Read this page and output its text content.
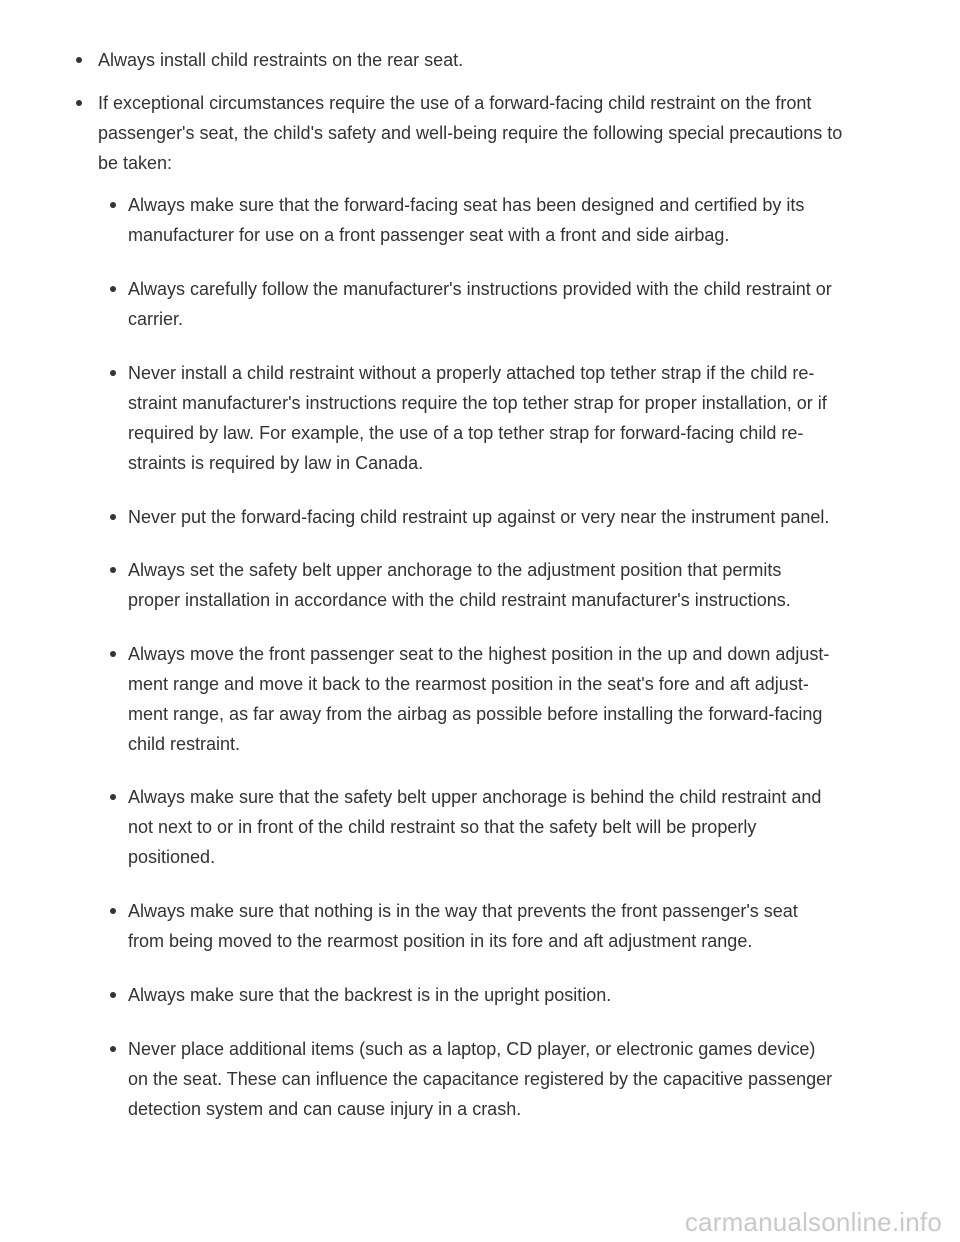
Always install child restraints on the rear seat.
If exceptional circumstances require the use of a forward-facing child restraint on the front
passenger's seat, the child's safety and well-being require the following special precautions to
be taken:
Always make sure that the forward-facing seat has been designed and certified by its
manufacturer for use on a front passenger seat with a front and side airbag.
Always carefully follow the manufacturer's instructions provided with the child restraint or
carrier.
Never install a child restraint without a properly attached top tether strap if the child re-
straint manufacturer's instructions require the top tether strap for proper installation, or if
required by law. For example, the use of a top tether strap for forward-facing child re-
straints is required by law in Canada.
Never put the forward-facing child restraint up against or very near the instrument panel.
Always set the safety belt upper anchorage to the adjustment position that permits
proper installation in accordance with the child restraint manufacturer's instructions.
Always move the front passenger seat to the highest position in the up and down adjust-
ment range and move it back to the rearmost position in the seat's fore and aft adjust-
ment range, as far away from the airbag as possible before installing the forward-facing
child restraint.
Always make sure that the safety belt upper anchorage is behind the child restraint and
not next to or in front of the child restraint so that the safety belt will be properly
positioned.
Always make sure that nothing is in the way that prevents the front passenger's seat
from being moved to the rearmost position in its fore and aft adjustment range.
Always make sure that the backrest is in the upright position.
Never place additional items (such as a laptop, CD player, or electronic games device)
on the seat. These can influence the capacitance registered by the capacitive passenger
detection system and can cause injury in a crash.
carmanualsonline.info
